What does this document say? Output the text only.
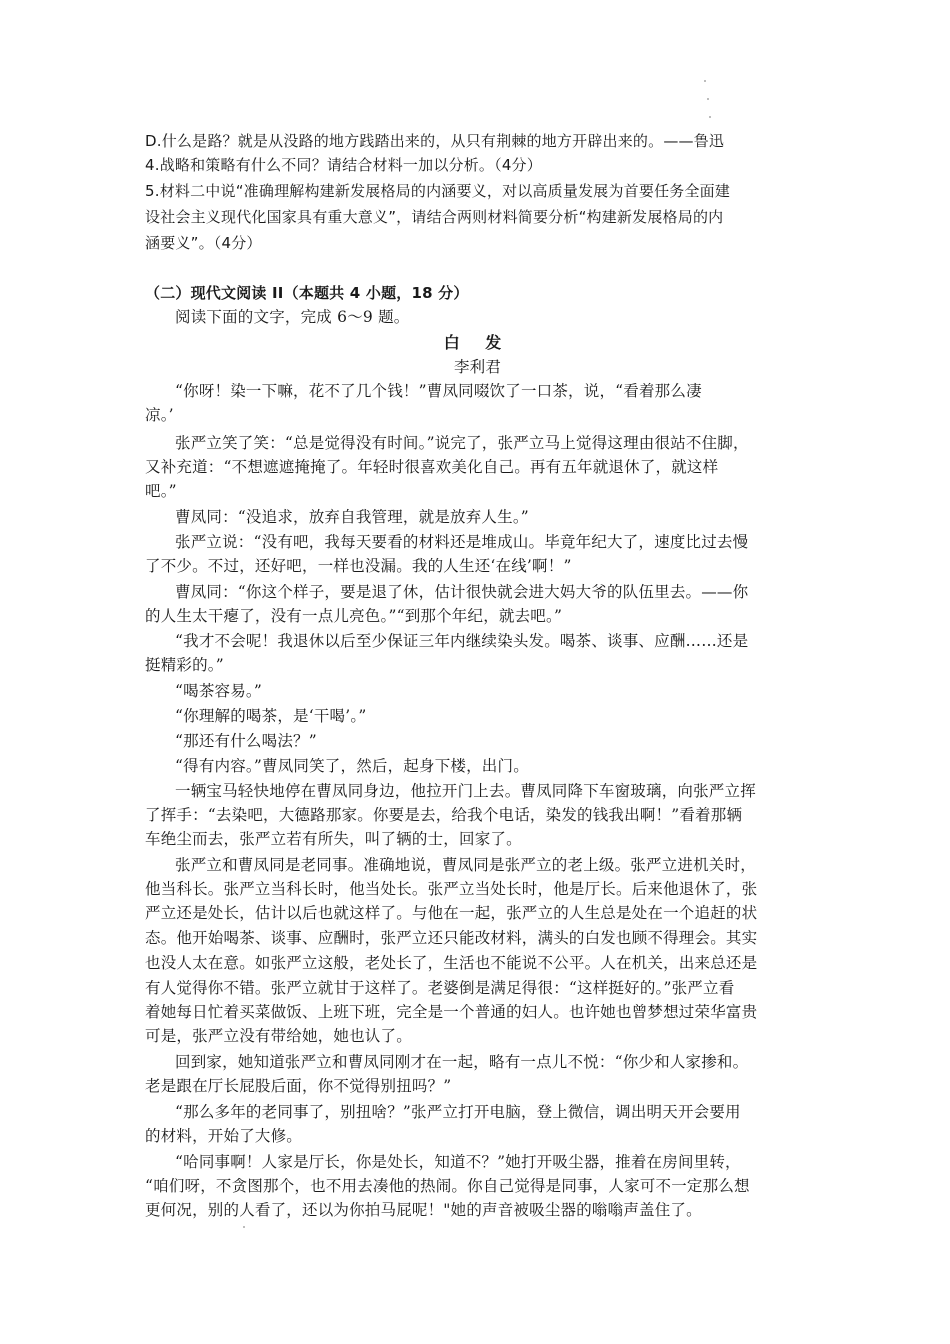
D.什么是路？就是从没路的地方践踏出来的，从只有荆棘的地方开辟出来的。——鲁迅
4.战略和策略有什么不同？请结合材料一加以分析。（4分）
5.材料二中说“准确理解构建新发展格局的内涵要义，对以高质量发展为首要任务全面建
设社会主义现代化国家具有重大意义”，请结合两则材料简要分析“构建新发展格局的内
涵要义”。（4分）
（二）现代文阅读 II（本题共 4 小题，18 分）
阅读下面的文字，完成 6～9 题。
白 发
李利君
“你呀！染一下嘛，花不了几个钱！”曹凤同啜饮了一口茶，说，“看着那么凄
凉。’
张严立笑了笑：“总是觉得没有时间。”说完了，张严立马上觉得这理由很站不住脚，
又补充道：“不想遮遮掩掩了。年轻时很喜欢美化自己。再有五年就退休了，就这样
吧。”
曹凤同：“没追求，放弃自我管理，就是放弃人生。”
张严立说：“没有吧，我每天要看的材料还是堆成山。毕竟年纪大了，速度比过去慢
了不少。不过，还好吧，一样也没漏。我的人生还‘在线’啊！”
曹凤同：“你这个样子，要是退了休，估计很快就会进大妈大爷的队伍里去。——你
的人生太干瘪了，没有一点儿亮色。”“到那个年纪，就去吧。”
“我才不会呢！我退休以后至少保证三年内继续染头发。喝茶、谈事、应酬……还是
挺精彩的。”
“喝茶容易。”
“你理解的喝茶，是‘干喝’。”
“那还有什么喝法？”
“得有内容。”曹凤同笑了，然后，起身下楼，出门。
一辆宝马轻快地停在曹凤同身边，他拉开门上去。曹凤同降下车窗玻璃，向张严立挥
了挥手：“去染吧，大德路那家。你要是去，给我个电话，染发的钱我出啊！”看着那辆
车绝尘而去，张严立若有所失，叫了辆的士，回家了。
张严立和曹凤同是老同事。准确地说，曹凤同是张严立的老上级。张严立进机关时，
他当科长。张严立当科长时，他当处长。张严立当处长时，他是厅长。后来他退休了，张
严立还是处长，估计以后也就这样了。与他在一起，张严立的人生总是处在一个追赶的状
态。他开始喝茶、谈事、应酬时，张严立还只能改材料，满头的白发也顾不得理会。其实
也没人太在意。如张严立这般，老处长了，生活也不能说不公平。人在机关，出来总还是
有人觉得你不错。张严立就甘于这样了。老婆倒是满足得很：“这样挺好的。”张严立看
着她每日忙着买菜做饭、上班下班，完全是一个普通的妇人。也许她也曾梦想过荣华富贵
可是，张严立没有带给她，她也认了。
回到家，她知道张严立和曹凤同刚才在一起，略有一点儿不悦：“你少和人家掺和。
老是跟在厅长屁股后面，你不觉得别扭吗？”
“那么多年的老同事了，别扭啥？”张严立打开电脑，登上微信，调出明天开会要用
的材料，开始了大修。
“哈同事啊！人家是厅长，你是处长，知道不？”她打开吸尘器，推着在房间里转，
“咱们呀，不贪图那个，也不用去凑他的热闹。你自己觉得是同事，人家可不一定那么想
更何况，别的人看了，还以为你拍马屁呢！"她的声音被吸尘器的嗡嗡声盖住了。
